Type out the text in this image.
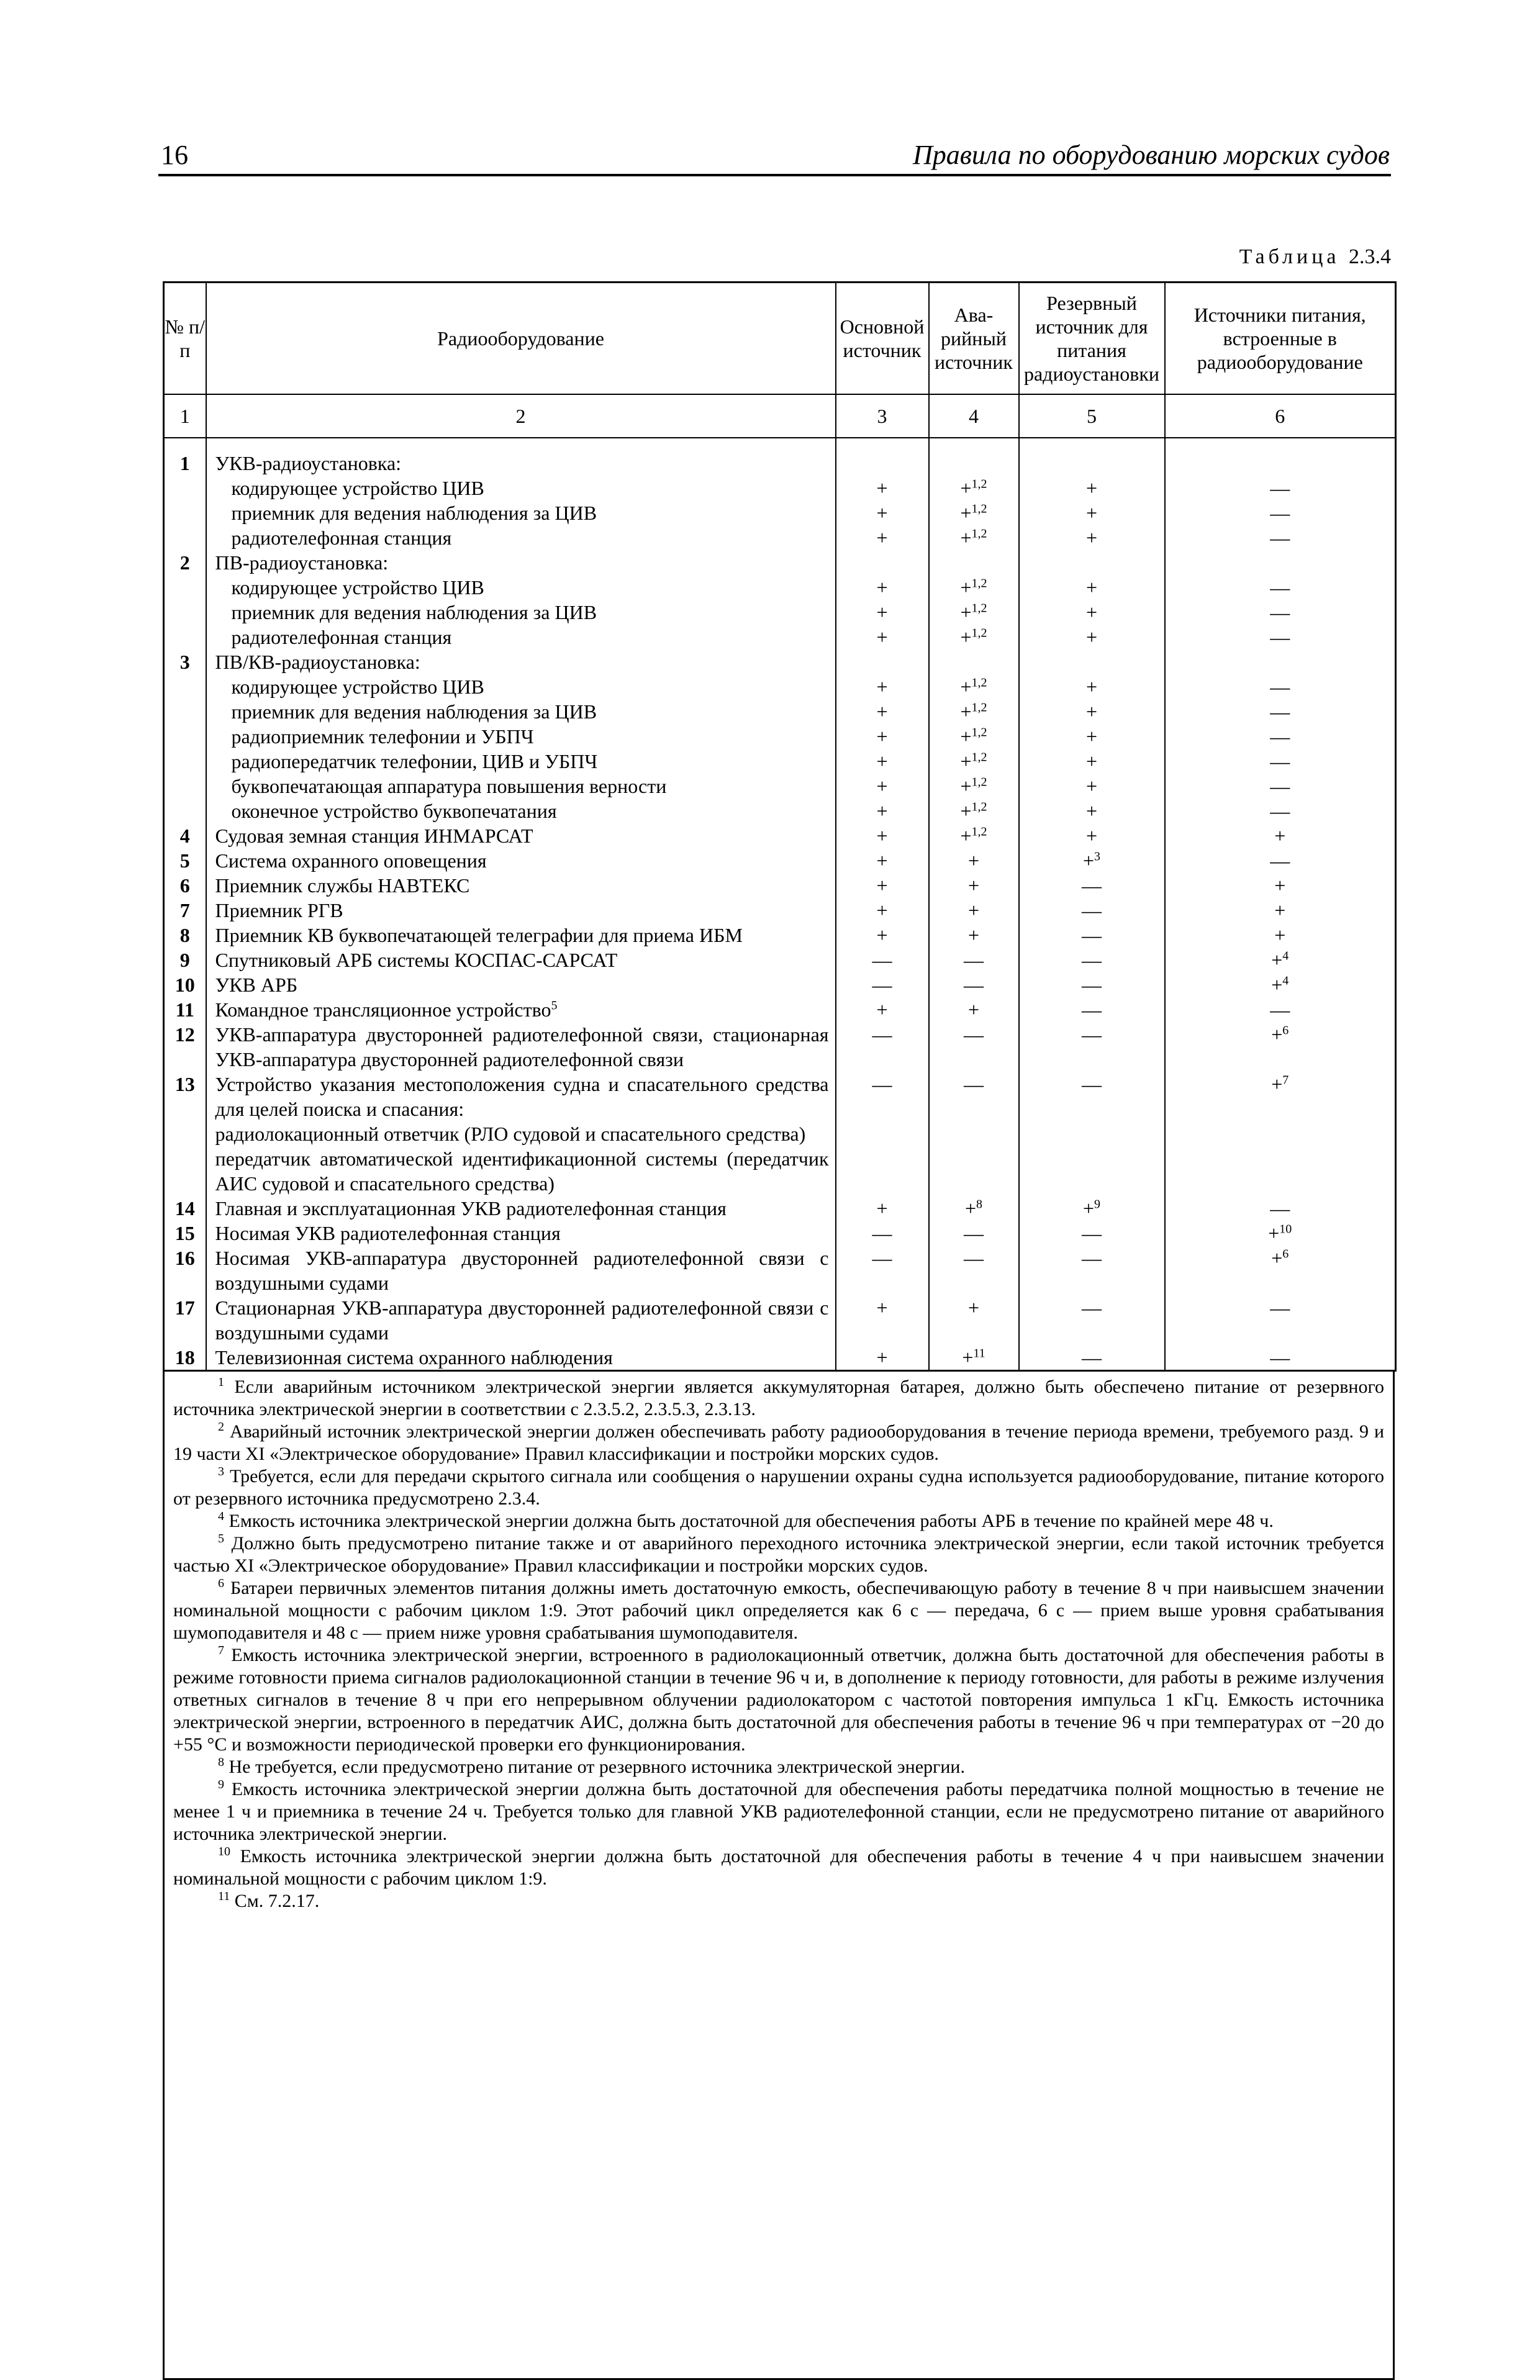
16	Правила по оборудованию морских судов
Таблица 2.3.4
№ п/п	Радиооборудование	Основной источник	Ава- рийный источник	Резервный источник для питания радиоустановки	Источники питания, встроенные в радиооборудование
1	2	3	4	5	6

1	УКВ-радиоустановка:				
	кодирующее устройство ЦИВ	+	+$^{1,2}$	+	—
	приемник для ведения наблюдения за ЦИВ	+	+$^{1,2}$	+	—
	радиотелефонная станция	+	+$^{1,2}$	+	—
2	ПВ-радиоустановка:				
	кодирующее устройство ЦИВ	+	+$^{1,2}$	+	—
	приемник для ведения наблюдения за ЦИВ	+	+$^{1,2}$	+	—
	радиотелефонная станция	+	+$^{1,2}$	+	—
3	ПВ/КВ-радиоустановка:				
	кодирующее устройство ЦИВ	+	+$^{1,2}$	+	—
	приемник для ведения наблюдения за ЦИВ	+	+$^{1,2}$	+	—
	радиоприемник телефонии и УБПЧ	+	+$^{1,2}$	+	—
	радиопередатчик телефонии, ЦИВ и УБПЧ	+	+$^{1,2}$	+	—
	буквопечатающая аппаратура повышения верности	+	+$^{1,2}$	+	—
	оконечное устройство буквопечатания	+	+$^{1,2}$	+	—
4	Судовая земная станция ИНМАРСАТ	+	+$^{1,2}$	+	+
5	Система охранного оповещения	+	+	+$^3$	—
6	Приемник службы НАВТЕКС	+	+	—	+
7	Приемник РГВ	+	+	—	+
8	Приемник КВ буквопечатающей телеграфии для приема ИБМ	+	+	—	+
9	Спутниковый АРБ системы КОСПАС-САРСАТ	—	—	—	+$^4$
10	УКВ АРБ	—	—	—	+$^4$
11	Командное трансляционное устройство$^5$	+	+	—	—
12	УКВ-аппаратура двусторонней радиотелефонной связи, стационарная УКВ-аппаратура двусторонней радиотелефонной связи	—	—	—	+$^6$
13	Устройство указания местоположения судна и спасательного средства для целей поиска и спасания:	—	—	—	+$^7$
	радиолокационный ответчик (РЛО судовой и спасательного средства)				
	передатчик автоматической идентификационной системы (передатчик АИС судовой и спасательного средства)				
14	Главная и эксплуатационная УКВ радиотелефонная станция	+	+$^8$	+$^9$	—
15	Носимая УКВ радиотелефонная станция	—	—	—	+$^{10}$
16	Носимая УКВ-аппаратура двусторонней радиотелефонной связи с воздушными судами	—	—	—	+$^6$
17	Стационарная УКВ-аппаратура двусторонней радиотелефонной связи с воздушными судами	+	+	—	—
18	Телевизионная система охранного наблюдения	+	+$^{11}$	—	—

$^1$ Если аварийным источником электрической энергии является аккумуляторная батарея, должно быть обеспечено питание от резервного источника электрической энергии в соответствии с 2.3.5.2, 2.3.5.3, 2.3.13.

$^2$ Аварийный источник электрической энергии должен обеспечивать работу радиооборудования в течение периода времени, требуемого разд. 9 и 19 части XI «Электрическое оборудование» Правил классификации и постройки морских судов.

$^3$ Требуется, если для передачи скрытого сигнала или сообщения о нарушении охраны судна используется радиооборудование, питание которого от резервного источника предусмотрено 2.3.4.

$^4$ Емкость источника электрической энергии должна быть достаточной для обеспечения работы АРБ в течение по крайней мере 48 ч.

$^5$ Должно быть предусмотрено питание также и от аварийного переходного источника электрической энергии, если такой источник требуется частью XI «Электрическое оборудование» Правил классификации и постройки морских судов.

$^6$ Батареи первичных элементов питания должны иметь достаточную емкость, обеспечивающую работу в течение 8 ч при наивысшем значении номинальной мощности с рабочим циклом 1:9. Этот рабочий цикл определяется как 6 с — передача, 6 с — прием выше уровня срабатывания шумоподавителя и 48 с — прием ниже уровня срабатывания шумоподавителя.

$^7$ Емкость источника электрической энергии, встроенного в радиолокационный ответчик, должна быть достаточной для обеспечения работы в режиме готовности приема сигналов радиолокационной станции в течение 96 ч и, в дополнение к периоду готовности, для работы в режиме излучения ответных сигналов в течение 8 ч при его непрерывном облучении радиолокатором с частотой повторения импульса 1 кГц. Емкость источника электрической энергии, встроенного в передатчик АИС, должна быть достаточной для обеспечения работы в течение 96 ч при температурах от −20 до +55 °C и возможности периодической проверки его функционирования.

$^8$ Не требуется, если предусмотрено питание от резервного источника электрической энергии.

$^9$ Емкость источника электрической энергии должна быть достаточной для обеспечения работы передатчика полной мощностью в течение не менее 1 ч и приемника в течение 24 ч. Требуется только для главной УКВ радиотелефонной станции, если не предусмотрено питание от аварийного источника электрической энергии.

$^{10}$ Емкость источника электрической энергии должна быть достаточной для обеспечения работы в течение 4 ч при наивысшем значении номинальной мощности с рабочим циклом 1:9.

$^{11}$ См. 7.2.17.
